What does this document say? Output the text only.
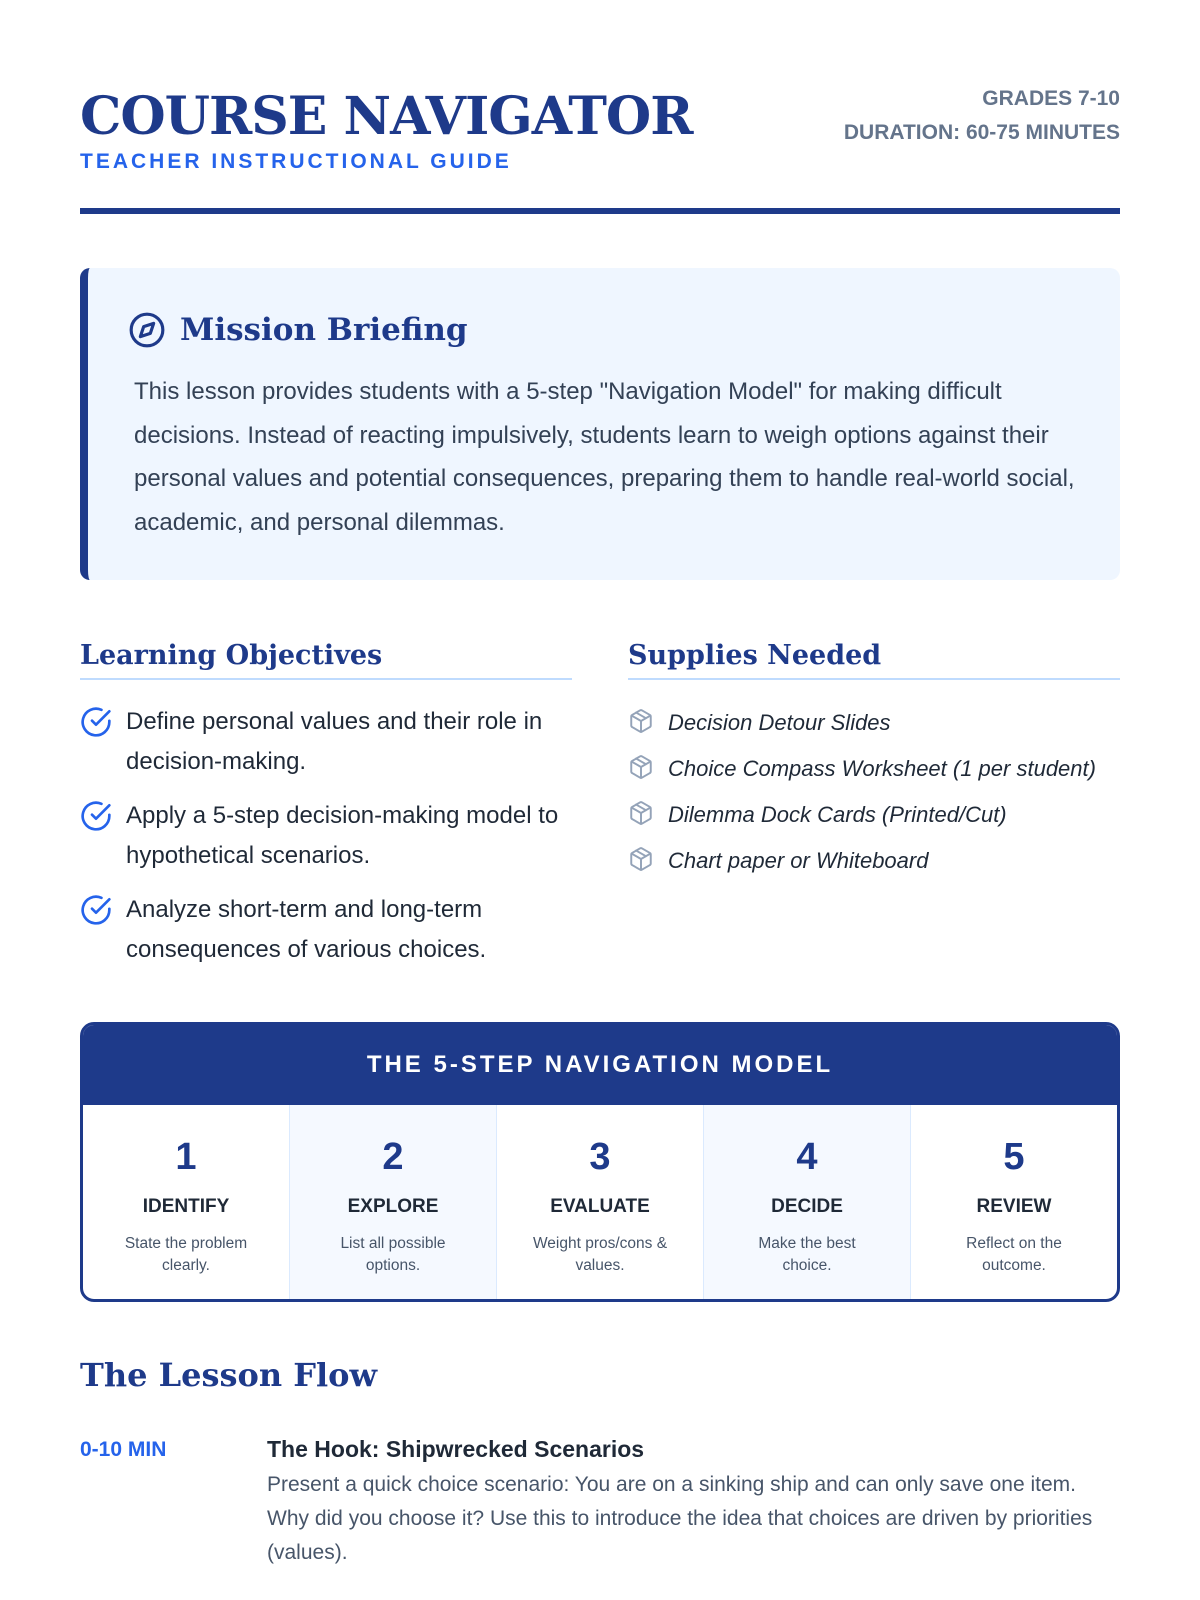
COURSE NAVIGATOR
TEACHER INSTRUCTIONAL GUIDE
GRADES 7-10
DURATION: 60-75 MINUTES
Mission Briefing

This lesson provides students with a 5-step "Navigation Model" for making difficult decisions. Instead of reacting impulsively, students learn to weigh options against their personal values and potential consequences, preparing them to handle real-world social, academic, and personal dilemmas.

Learning Objectives
Define personal values and their role in decision-making.
Apply a 5-step decision-making model to hypothetical scenarios.
Analyze short-term and long-term consequences of various choices.
Supplies Needed
Decision Detour Slides
Choice Compass Worksheet (1 per student)
Dilemma Dock Cards (Printed/Cut)
Chart paper or Whiteboard
THE 5-STEP NAVIGATION MODEL
1
IDENTIFY
State the problem clearly.
2
EXPLORE
List all possible options.
3
EVALUATE
Weight pros/cons & values.
4
DECIDE
Make the best choice.
5
REVIEW
Reflect on the outcome.
The Lesson Flow
0-10 MIN	The Hook: Shipwrecked Scenarios
Present a quick choice scenario: You are on a sinking ship and can only save one item. Why did you choose it? Use this to introduce the idea that choices are driven by priorities (values).
